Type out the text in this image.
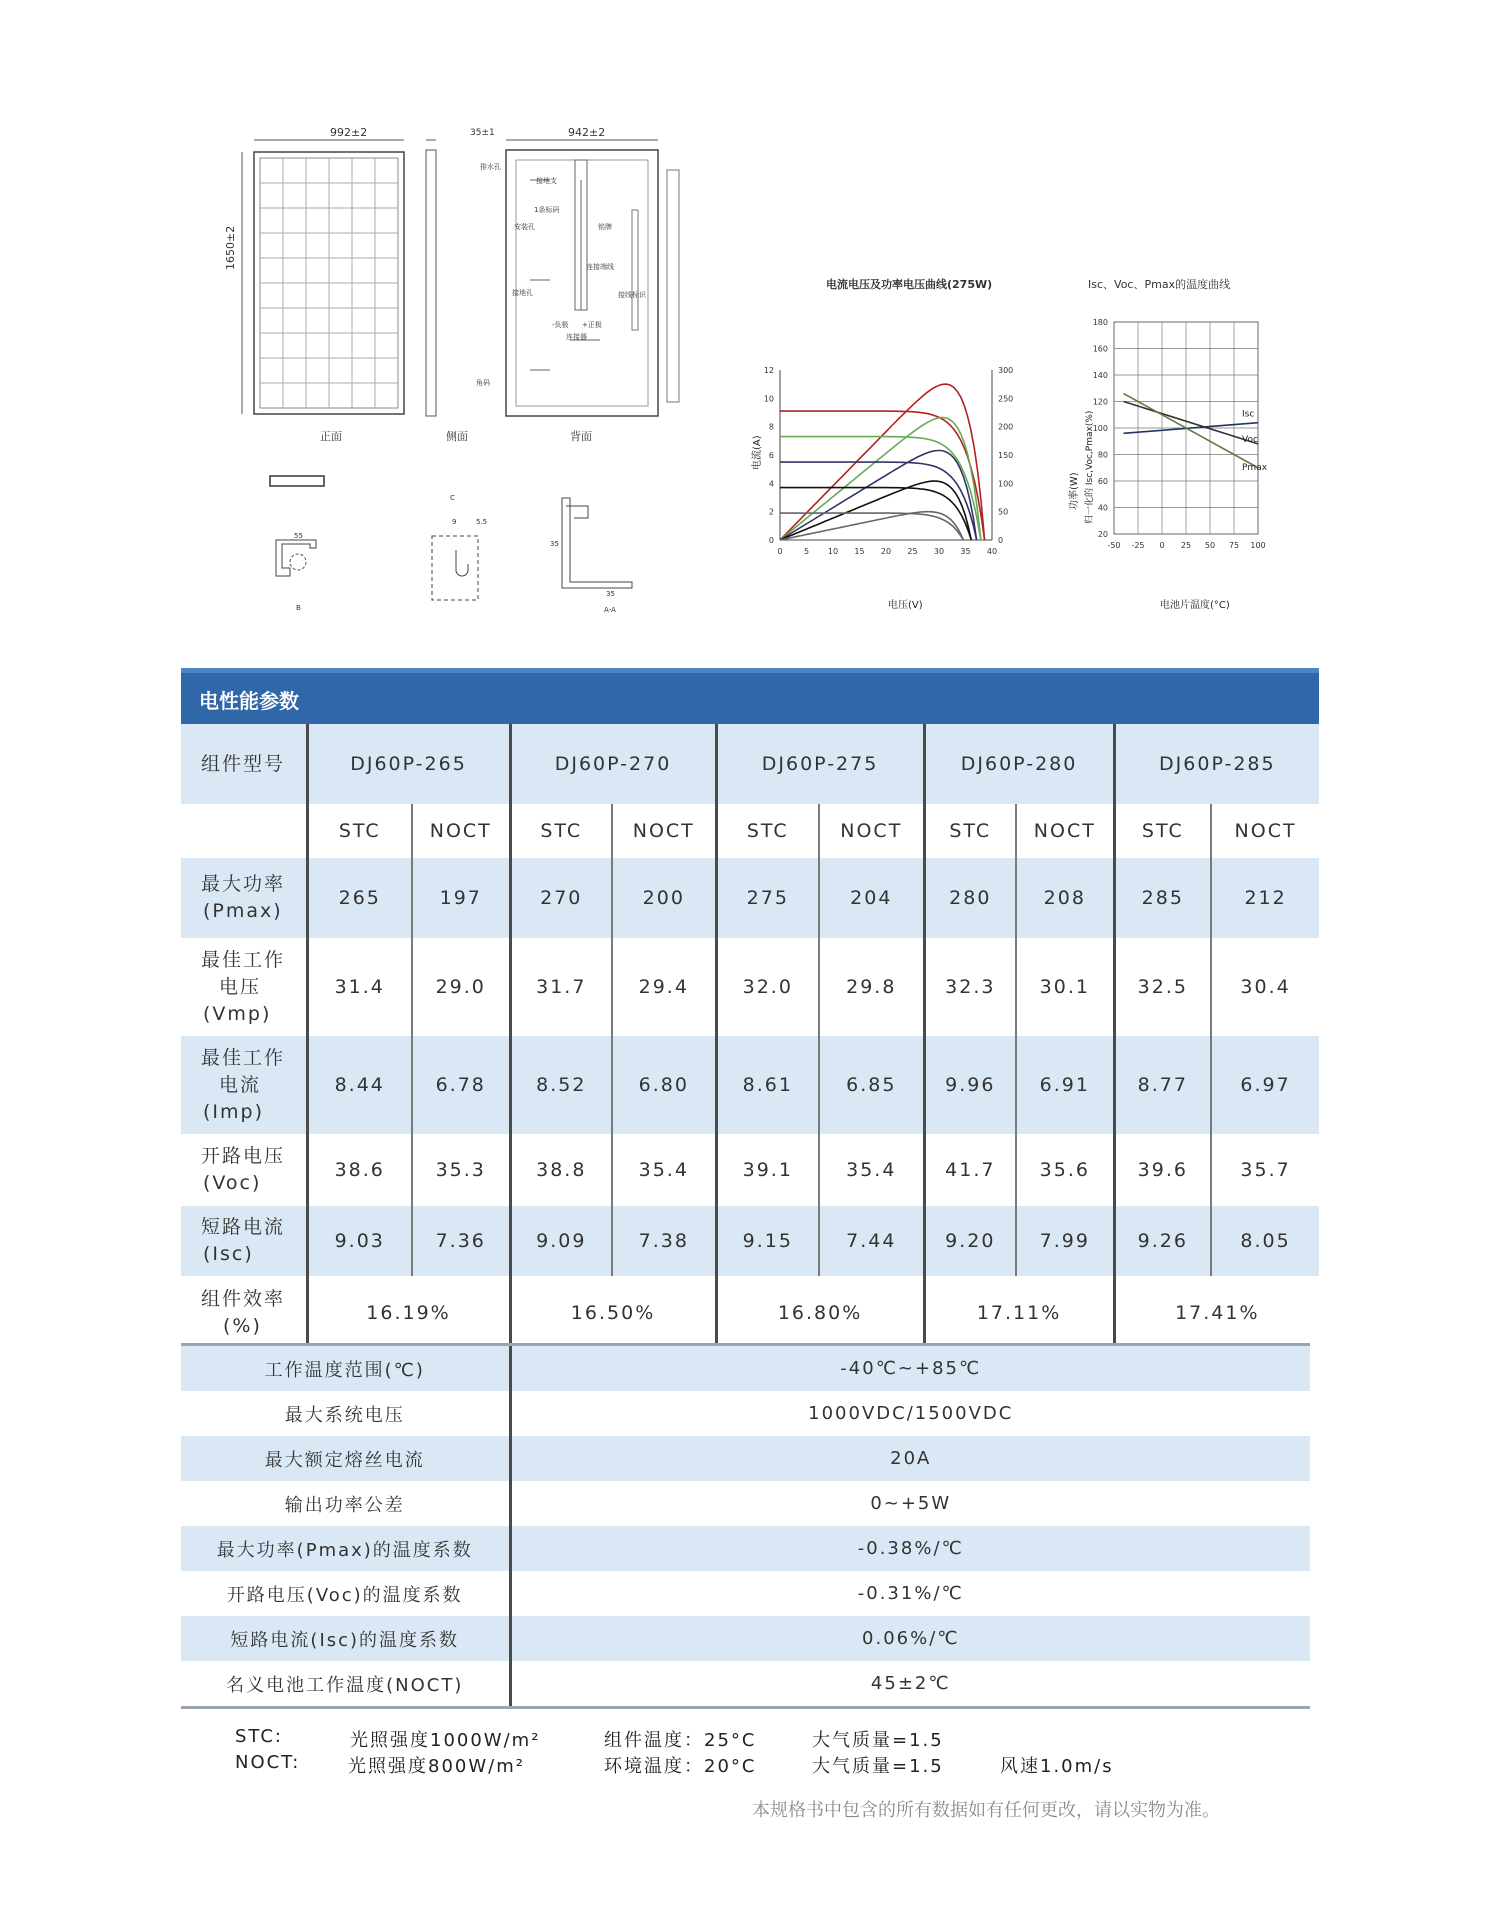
992±2
1650±2
35±1	942±2
正面	侧面	背面
排水孔
接地支
1条标码
安装孔	铭牌
连接端线
接地孔	接线标识
-负极 +正极
连接器
角码
B
C
A-A
55
5.5
9
35
35
电流电压及功率电压曲线(275W)
0	5 10 15 20 25 30 35 40
0
2
4
6
8
10
12
0
50
100
150
200
250
300
电流(A)
功率(W)
电压(V)
Isc、Voc、Pmax的温度曲线
-50 -25 0 25 50 75 100
20
40
60
80
100
120
140
160
180
Isc
Voc
Pmax
归一化的 Isc,Voc,Pmax(%)
电池片温度(°C)
电性能参数
组件型号	DJ60P-265		DJ60P-270		DJ60P-275		DJ60P-280		DJ60P-285	
	STC	NOCT	STC	NOCT	STC	NOCT	STC	NOCT	STC	NOCT

最大功率
(Pmax)	265	197	270	200	275	204	280	208	285	212

最佳工作
电压
(Vmp)	31.4	29.0	31.7	29.4	32.0	29.8	32.3	30.1	32.5	30.4

最佳工作
电流
(Imp)	8.44	6.78	8.52	6.80	8.61	6.85	9.96	6.91	8.77	6.97

开路电压
(Voc)	38.6	35.3	38.8	35.4	39.1	35.4	41.7	35.6	39.6	35.7

短路电流
(Isc)	9.03	7.36	9.09	7.38	9.15	7.44	9.20	7.99	9.26	8.05

组件效率
(%)	16.19%		16.50%		16.80%		17.11%		17.41%	
工作温度范围(℃)	-40℃~+85℃
最大系统电压	1000VDC/1500VDC
最大额定熔丝电流	20A
输出功率公差	0~+5W
最大功率(Pmax)的温度系数	-0.38%/℃
开路电压(Voc)的温度系数	-0.31%/℃
短路电流(Isc)的温度系数	0.06%/℃
名义电池工作温度(NOCT)	45±2℃
STC:	光照强度1000W/m²	组件温度：25°C	大气质量=1.5
NOCT:	光照强度800W/m²	环境温度：20°C	大气质量=1.5	风速1.0m/s
本规格书中包含的所有数据如有任何更改，请以实物为准。
